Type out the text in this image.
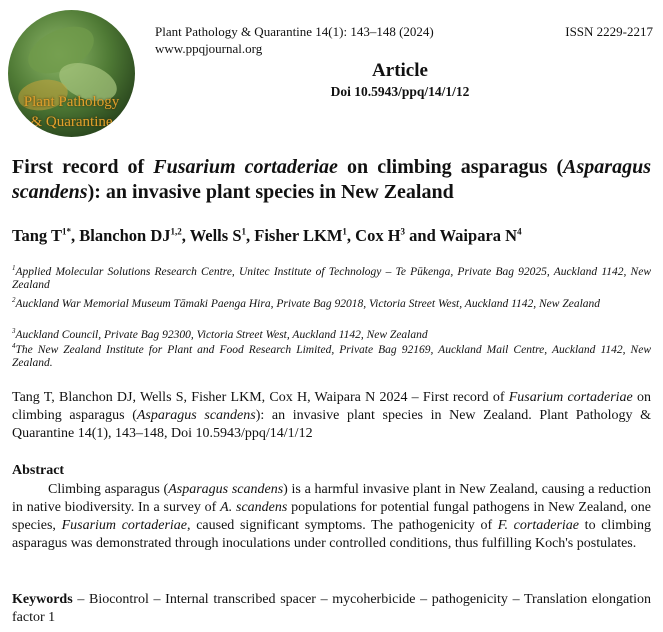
Plant Pathology
& Quarantine
Plant Pathology & Quarantine 14(1): 143–148 (2024)	ISSN 2229-2217
www.ppqjournal.org
Article
Doi 10.5943/ppq/14/1/12
First record of Fusarium cortaderiae on climbing asparagus (Asparagus scandens): an invasive plant species in New Zealand

Tang $T^{1*}$, Blanchon DJ$^{1,2}$, Wells $S^1$, Fisher LKM$^1$, Cox $H^3$ and Waipara $N^4$

$^1$Applied Molecular Solutions Research Centre, Unitec Institute of Technology – Te Pūkenga, Private Bag 92025, Auckland 1142, New Zealand
$^2$Auckland War Memorial Museum Tāmaki Paenga Hira, Private Bag 92018, Victoria Street West, Auckland 1142, New Zealand
$^3$Auckland Council, Private Bag 92300, Victoria Street West, Auckland 1142, New Zealand
$^4$The New Zealand Institute for Plant and Food Research Limited, Private Bag 92169, Auckland Mail Centre, Auckland 1142, New Zealand.
Tang T, Blanchon DJ, Wells S, Fisher LKM, Cox H, Waipara N 2024 – First record of Fusarium cortaderiae on climbing asparagus (Asparagus scandens): an invasive plant species in New Zealand. Plant Pathology & Quarantine 14(1), 143–148, Doi 10.5943/ppq/14/1/12
Abstract
Climbing asparagus (Asparagus scandens) is a harmful invasive plant in New Zealand, causing a reduction in native biodiversity. In a survey of A. scandens populations for potential fungal pathogens in New Zealand, one species, Fusarium cortaderiae, caused significant symptoms. The pathogenicity of F. cortaderiae to climbing asparagus was demonstrated through inoculations under controlled conditions, thus fulfilling Koch's postulates.
Keywords – Biocontrol – Internal transcribed spacer – mycoherbicide – pathogenicity – Translation elongation factor 1
